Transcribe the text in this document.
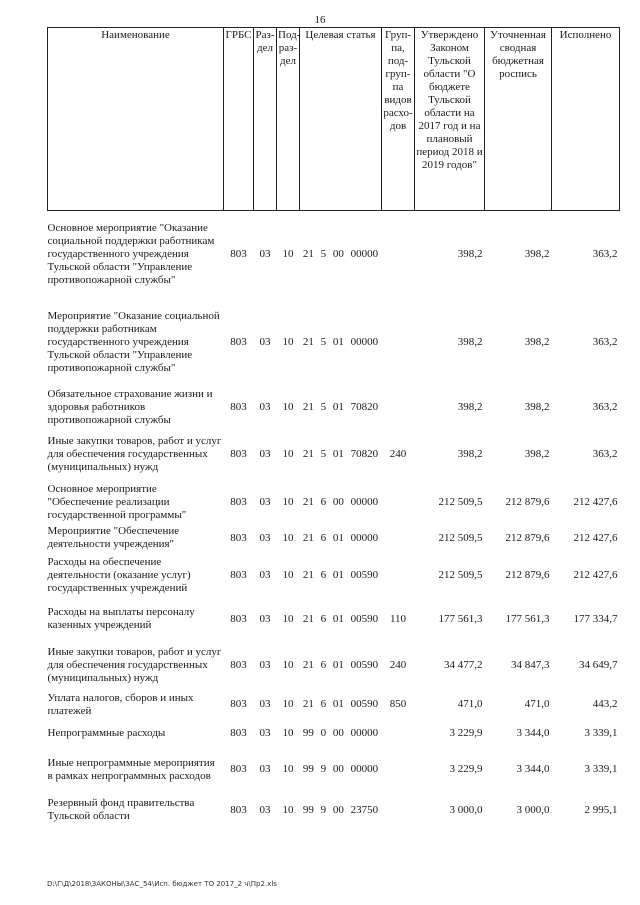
16
Наименование	ГРБС	Раз-дел	Под-раз-дел	Целевая статья	Груп-па, под-груп-па видов расхо-дов	Утверждено Законом Тульской области "О бюджете Тульской области на 2017 год и на плановый период 2018 и 2019 годов"	Уточненная сводная бюджетная роспись	Исполнено
Основное мероприятие "Оказание социальной поддержки работникам государственного учреждения Тульской области "Управление противопожарной службы"	803	03	10	21 5 00 00000		398,2	398,2	363,2
Мероприятие "Оказание социальной поддержки работникам государственного учреждения Тульской области "Управление противопожарной службы"	803	03	10	21 5 01 00000		398,2	398,2	363,2
Обязательное страхование жизни и здоровья работников противопожарной службы	803	03	10	21 5 01 70820		398,2	398,2	363,2
Иные закупки товаров, работ и услуг для обеспечения государственных (муниципальных) нужд	803	03	10	21 5 01 70820	240	398,2	398,2	363,2
Основное мероприятие "Обеспечение реализации государственной программы"	803	03	10	21 6 00 00000		212 509,5	212 879,6	212 427,6
Мероприятие "Обеспечение деятельности учреждения"	803	03	10	21 6 01 00000		212 509,5	212 879,6	212 427,6
Расходы на обеспечение деятельности (оказание услуг) государственных учреждений	803	03	10	21 6 01 00590		212 509,5	212 879,6	212 427,6
Расходы на выплаты персоналу казенных учреждений	803	03	10	21 6 01 00590	110	177 561,3	177 561,3	177 334,7
Иные закупки товаров, работ и услуг для обеспечения государственных (муниципальных) нужд	803	03	10	21 6 01 00590	240	34 477,2	34 847,3	34 649,7
Уплата налогов, сборов и иных платежей	803	03	10	21 6 01 00590	850	471,0	471,0	443,2
Непрограммные расходы	803	03	10	99 0 00 00000		3 229,9	3 344,0	3 339,1
Иные непрограммные мероприятия в рамках непрограммных расходов	803	03	10	99 9 00 00000		3 229,9	3 344,0	3 339,1
Резервный фонд правительства Тульской области	803	03	10	99 9 00 23750		3 000,0	3 000,0	2 995,1
D:\Г\Д\2018\ЗАКОНЫ\ЗАС_54\Исп. бюджет ТО 2017_2 ч\Пр2.xls
